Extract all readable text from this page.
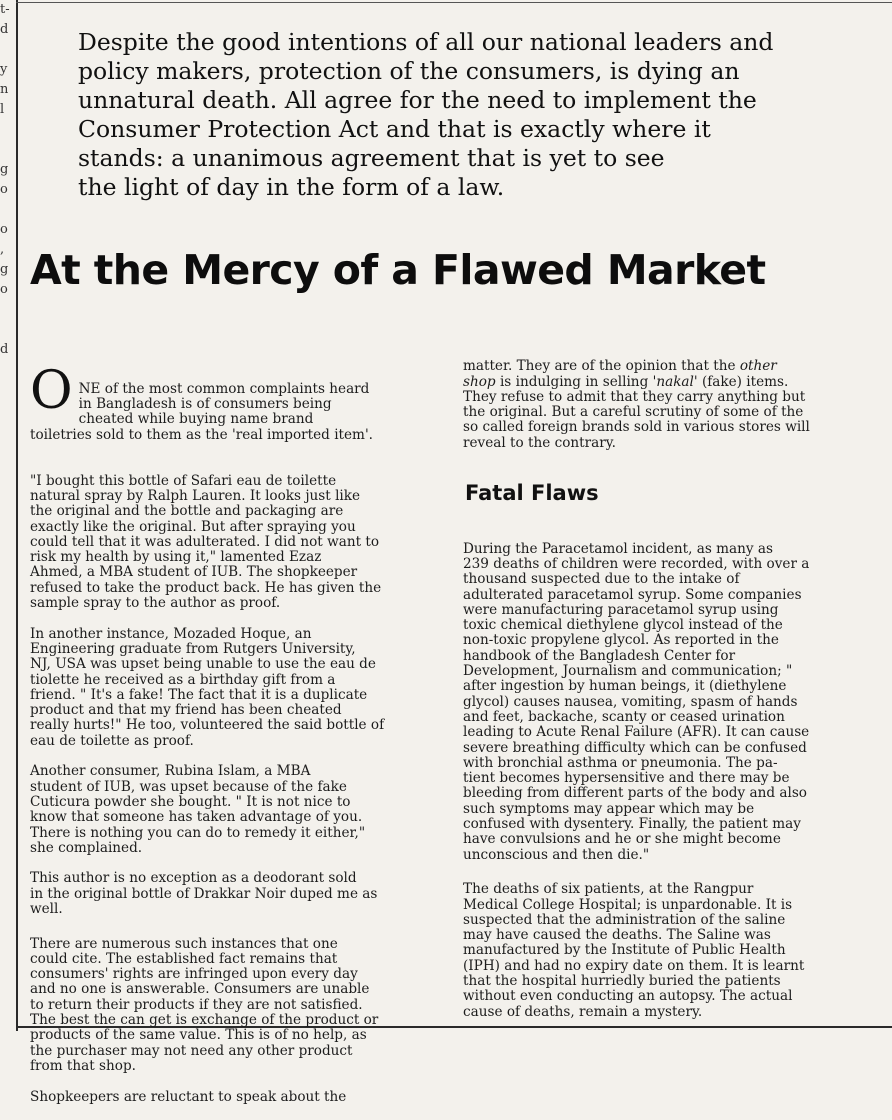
t-
d
y
n
l
g
o
o
,
g
o
d
Despite the good intentions of all our national leaders and
policy makers, protection of the consumers, is dying an
unnatural death. All agree for the need to implement the
Consumer Protection Act and that is exactly where it
stands: a unanimous agreement that is yet to see
the light of day in the form of a law.
At the Mercy of a Flawed Market

O NE of the most common complaints heard
in Bangladesh is of consumers being
cheated while buying name brand
toiletries sold to them as the 'real imported item'.

"I bought this bottle of Safari eau de toilette
natural spray by Ralph Lauren. It looks just like
the original and the bottle and packaging are
exactly like the original. But after spraying you
could tell that it was adulterated. I did not want to
risk my health by using it," lamented Ezaz
Ahmed, a MBA student of IUB. The shopkeeper
refused to take the product back. He has given the
sample spray to the author as proof.

In another instance, Mozaded Hoque, an
Engineering graduate from Rutgers University,
NJ, USA was upset being unable to use the eau de
tiolette he received as a birthday gift from a
friend. " It's a fake! The fact that it is a duplicate
product and that my friend has been cheated
really hurts!" He too, volunteered the said bottle of
eau de toilette as proof.

Another consumer, Rubina Islam, a MBA
student of IUB, was upset because of the fake
Cuticura powder she bought. " It is not nice to
know that someone has taken advantage of you.
There is nothing you can do to remedy it either,"
she complained.

This author is no exception as a deodorant sold
in the original bottle of Drakkar Noir duped me as
well.

There are numerous such instances that one
could cite. The established fact remains that
consumers' rights are infringed upon every day
and no one is answerable. Consumers are unable
to return their products if they are not satisfied.
The best the can get is exchange of the product or
products of the same value. This is of no help, as
the purchaser may not need any other product
from that shop.

Shopkeepers are reluctant to speak about the

matter. They are of the opinion that the other
shop is indulging in selling 'nakal' (fake) items.
They refuse to admit that they carry anything but
the original. But a careful scrutiny of some of the
so called foreign brands sold in various stores will
reveal to the contrary.

Fatal Flaws

During the Paracetamol incident, as many as
239 deaths of children were recorded, with over a
thousand suspected due to the intake of
adulterated paracetamol syrup. Some companies
were manufacturing paracetamol syrup using
toxic chemical diethylene glycol instead of the
non-toxic propylene glycol. As reported in the
handbook of the Bangladesh Center for
Development, Journalism and communication; "
after ingestion by human beings, it (diethylene
glycol) causes nausea, vomiting, spasm of hands
and feet, backache, scanty or ceased urination
leading to Acute Renal Failure (AFR). It can cause
severe breathing difficulty which can be confused
with bronchial asthma or pneumonia. The pa-
tient becomes hypersensitive and there may be
bleeding from different parts of the body and also
such symptoms may appear which may be
confused with dysentery. Finally, the patient may
have convulsions and he or she might become
unconscious and then die."

The deaths of six patients, at the Rangpur
Medical College Hospital; is unpardonable. It is
suspected that the administration of the saline
may have caused the deaths. The Saline was
manufactured by the Institute of Public Health
(IPH) and had no expiry date on them. It is learnt
that the hospital hurriedly buried the patients
without even conducting an autopsy. The actual
cause of deaths, remain a mystery.
